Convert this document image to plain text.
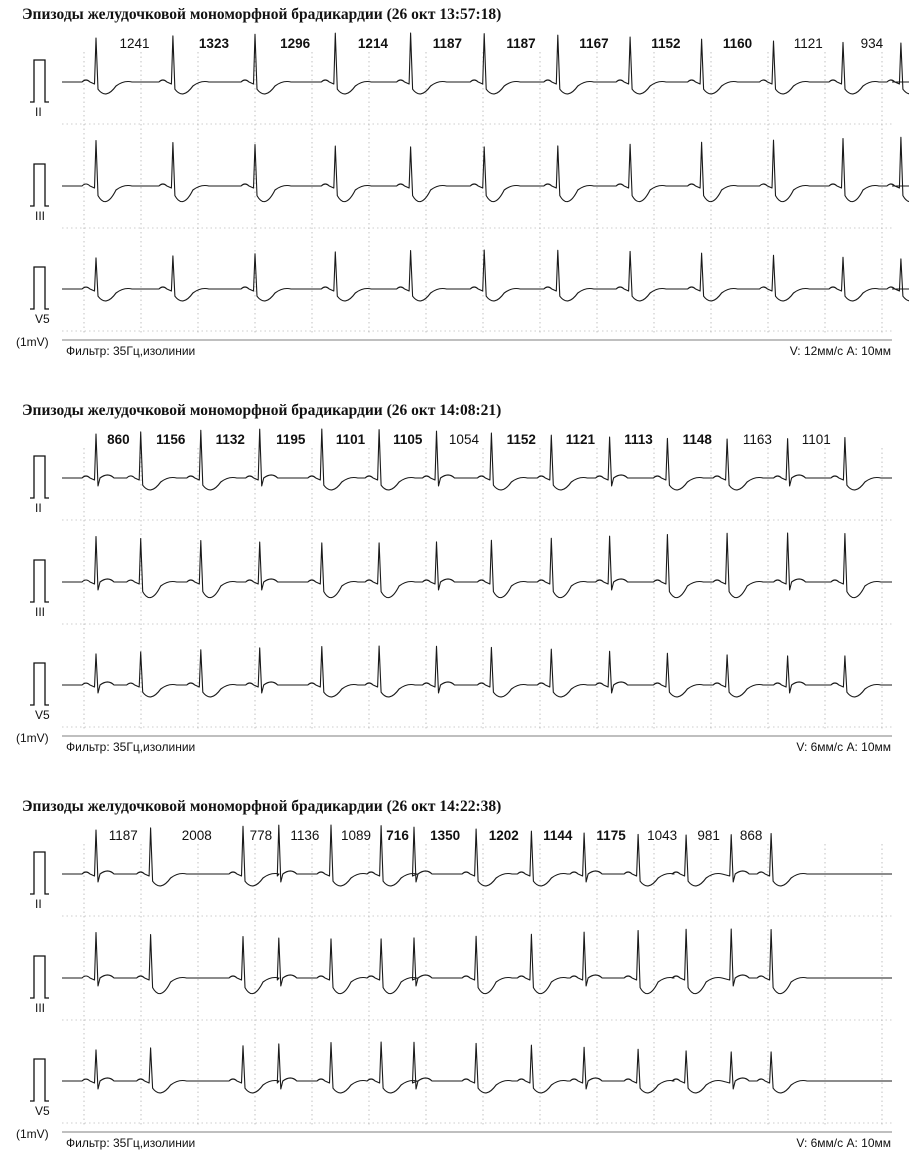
Эпизоды желудочковой мономорфной брадикардии (26 окт 13:57:18)
II
III
V5
1241	1323	1296	1214	1187	1187	1167	1152	1160	1121	934
(1mV)
Фильтр: 35Гц,изолинии	V: 12мм/с A: 10мм
Эпизоды желудочковой мономорфной брадикардии (26 окт 14:08:21)
II
III
V5
860 1156 1132 1195 1101 1105 1054 1152 1121 1113 1148 1163 1101
(1mV)
Фильтр: 35Гц,изолинии	V: 6мм/с A: 10мм
Эпизоды желудочковой мономорфной брадикардии (26 окт 14:22:38)
II
III
V5
1187	2008	778 1136 1089 716 1350 1202 1144 1175 1043 981 868
(1mV)
Фильтр: 35Гц,изолинии	V: 6мм/с A: 10мм
